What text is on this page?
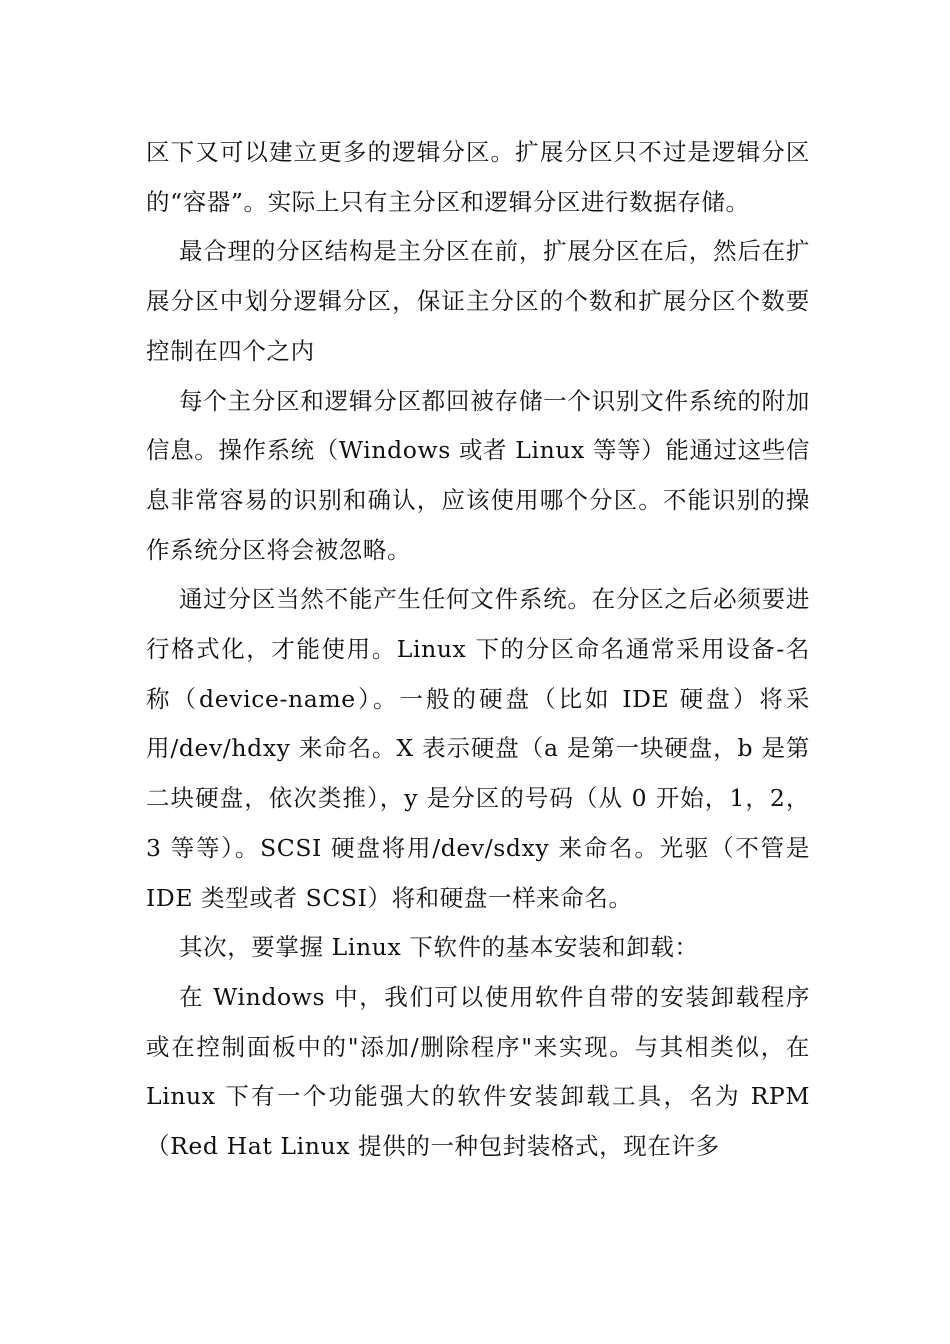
区下又可以建立更多的逻辑分区。扩展分区只不过是逻辑分区的“容器”。实际上只有主分区和逻辑分区进行数据存储。

最合理的分区结构是主分区在前，扩展分区在后，然后在扩展分区中划分逻辑分区，保证主分区的个数和扩展分区个数要控制在四个之内

每个主分区和逻辑分区都回被存储一个识别文件系统的附加信息。操作系统（Windows 或者 Linux 等等）能通过这些信息非常容易的识别和确认，应该使用哪个分区。不能识别的操作系统分区将会被忽略。

通过分区当然不能产生任何文件系统。在分区之后必须要进行格式化，才能使用。Linux 下的分区命名通常采用设备-名称（device-name）。一般的硬盘（比如 IDE 硬盘）将采用/dev/hdxy 来命名。X 表示硬盘（a 是第一块硬盘，b 是第二块硬盘，依次类推），y 是分区的号码（从 0 开始，1，2，3 等等）。SCSI 硬盘将用/dev/sdxy 来命名。光驱（不管是 IDE 类型或者 SCSI）将和硬盘一样来命名。

其次，要掌握 Linux 下软件的基本安装和卸载：

在 Windows 中，我们可以使用软件自带的安装卸载程序或在控制面板中的"添加/删除程序"来实现。与其相类似，在 Linux 下有一个功能强大的软件安装卸载工具，名为 RPM（Red Hat Linux 提供的一种包封装格式，现在许多
